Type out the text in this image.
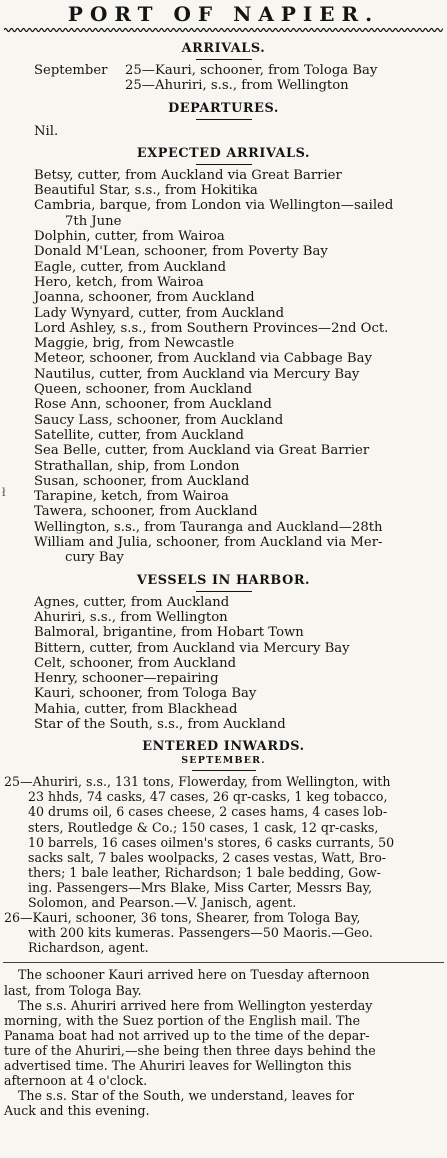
PORT OF NAPIER.
ARRIVALS.
September 25—Kauri, schooner, from Tologa Bay
25—Ahuriri, s.s., from Wellington
DEPARTURES.
Nil.
EXPECTED ARRIVALS.
Betsy, cutter, from Auckland via Great Barrier
Beautiful Star, s.s., from Hokitika
Cambria, barque, from London via Wellington—sailed
7th June
Dolphin, cutter, from Wairoa
Donald M'Lean, schooner, from Poverty Bay
Eagle, cutter, from Auckland
Hero, ketch, from Wairoa
Joanna, schooner, from Auckland
Lady Wynyard, cutter, from Auckland
Lord Ashley, s.s., from Southern Provinces—2nd Oct.
Maggie, brig, from Newcastle
Meteor, schooner, from Auckland via Cabbage Bay
Nautilus, cutter, from Auckland via Mercury Bay
Queen, schooner, from Auckland
Rose Ann, schooner, from Auckland
Saucy Lass, schooner, from Auckland
Satellite, cutter, from Auckland
Sea Belle, cutter, from Auckland via Great Barrier
Strathallan, ship, from London
Susan, schooner, from Auckland
Tarapine, ketch, from Wairoa
Tawera, schooner, from Auckland
Wellington, s.s., from Tauranga and Auckland—28th
William and Julia, schooner, from Auckland via Mer-
cury Bay
VESSELS IN HARBOR.
Agnes, cutter, from Auckland
Ahuriri, s.s., from Wellington
Balmoral, brigantine, from Hobart Town
Bittern, cutter, from Auckland via Mercury Bay
Celt, schooner, from Auckland
Henry, schooner—repairing
Kauri, schooner, from Tologa Bay
Mahia, cutter, from Blackhead
Star of the South, s.s., from Auckland
ENTERED INWARDS.
SEPTEMBER.
25—Ahuriri, s.s., 131 tons, Flowerday, from Wellington, with
23 hhds, 74 casks, 47 cases, 26 qr-casks, 1 keg tobacco,
40 drums oil, 6 cases cheese, 2 cases hams, 4 cases lob-
sters, Routledge & Co.; 150 cases, 1 cask, 12 qr-casks,
10 barrels, 16 cases oilmen's stores, 6 casks currants, 50
sacks salt, 7 bales woolpacks, 2 cases vestas, Watt, Bro-
thers; 1 bale leather, Richardson; 1 bale bedding, Gow-
ing. Passengers—Mrs Blake, Miss Carter, Messrs Bay,
Solomon, and Pearson.—V. Janisch, agent.
26—Kauri, schooner, 36 tons, Shearer, from Tologa Bay,
with 200 kits kumeras. Passengers—50 Maoris.—Geo.
Richardson, agent.
The schooner Kauri arrived here on Tuesday afternoon
last, from Tologa Bay.
The s.s. Ahuriri arrived here from Wellington yesterday
morning, with the Suez portion of the English mail. The
Panama boat had not arrived up to the time of the depar-
ture of the Ahuriri,—she being then three days behind the
advertised time. The Ahuriri leaves for Wellington this
afternoon at 4 o'clock.
The s.s. Star of the South, we understand, leaves for
Auck and this evening.
ł
